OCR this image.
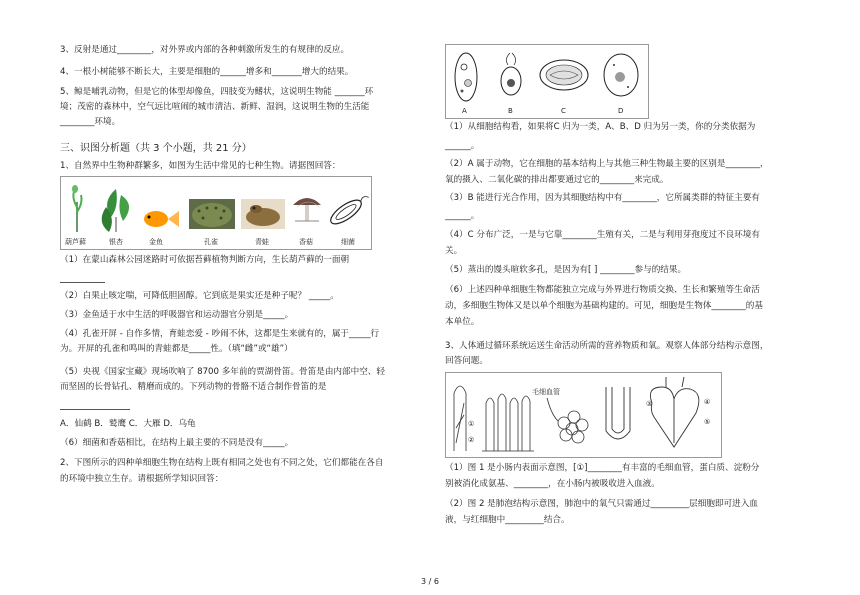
3、反射是通过________，对外界或内部的各种刺激所发生的有规律的反应。
4、一根小树能够不断长大，主要是细胞的______增多和_______增大的结果。
5、鲸是哺乳动物，但是它的体型却像鱼，四肢变为鳍状，这说明生物能 _______环
境；茂密的森林中，空气远比喧闹的城市清洁、新鲜、湿润，这说明生物的生活能
________环境。
三、识图分析题（共 3 个小题，共 21 分）
1、自然界中生物种群繁多，如图为生活中常见的七种生物。请据图回答：
葫芦藓	银杏	金鱼	孔雀	青蛙	香菇	细菌
（1）在蒙山森林公园迷路时可依据苔藓植物判断方向，生长葫芦藓的一面朝
（2）白果止咳定喘，可降低胆固醇。它到底是果实还是种子呢？ _____。
（3）金鱼适于水中生活的呼吸器官和运动器官分别是_____。
（4）孔雀开屏 - 自作多情，育蛙恋爱 - 吵闹不休，这都是生来就有的，属于_____行
为。开屏的孔雀和鸣叫的青蛙都是_____性。（填“雌”或“雄”）
（5）央视《国家宝藏》现场吹响了 8700 多年前的贾湖骨笛。骨笛是由内部中空、轻
而坚固的长骨钻孔、精磨而成的。下列动物的骨骼不适合制作骨笛的是
A．仙鹤 B．鹫鹰 C．大雁 D．乌龟
（6）细菌和香菇相比，在结构上最主要的不同是没有_____。
2、下图所示的四种单细胞生物在结构上既有相同之处也有不同之处，它们都能在各自
的环境中独立生存。请根据所学知识回答：
A	B	C	D
（1）从细胞结构看，如果将C 归为一类，A、B、D 归为另一类，你的分类依据为
______。
（2）A 属于动物，它在细胞的基本结构上与其他三种生物最主要的区别是________，
氧的摄入、二氧化碳的排出都要通过它的________来完成。
（3）B 能进行光合作用，因为其细胞结构中有________，它所属类群的特征主要有
______。
（4）C 分布广泛，一是与它靠________生殖有关，二是与利用芽孢度过不良环境有
关。
（5）蒸出的馒头暄软多孔，是因为有[ ] ________参与的结果。
（6）上述四种单细胞生物都能独立完成与外界进行物质交换、生长和繁殖等生命活
动，多细胞生物体又是以单个细胞为基础构建的。可见，细胞是生物体________的基
本单位。
3、人体通过循环系统运送生命活动所需的营养物质和氧。观察人体部分结构示意图，
回答问题。
毛细血管
①
②
③	④
⑤
（1）图 1 是小肠内表面示意图，[①]________有丰富的毛细血管，蛋白质、淀粉分
别被消化成氨基、________，在小肠内被吸收进入血液。
（2）图 2 是肺泡结构示意图，肺泡中的氧气只需通过_________层细胞即可进入血
液，与红细胞中_________结合。
3 / 6
